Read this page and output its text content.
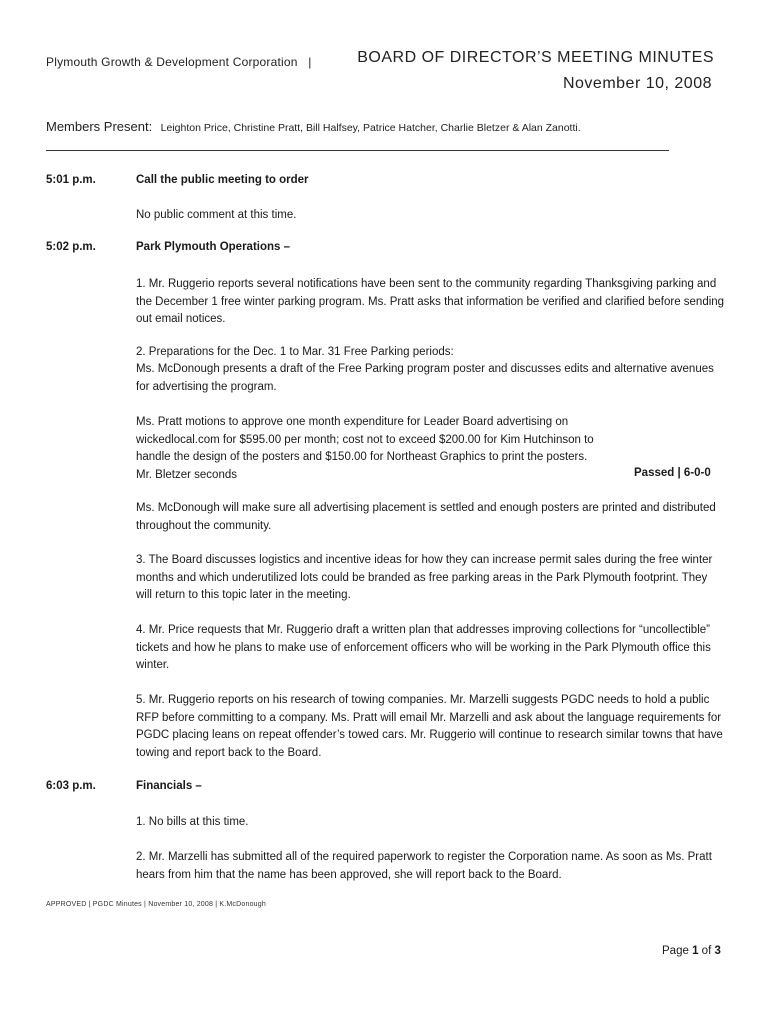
Plymouth Growth & Development Corporation |	BOARD OF DIRECTOR’S MEETING MINUTES
November 10, 2008
Members Present: Leighton Price, Christine Pratt, Bill Halfsey, Patrice Hatcher, Charlie Bletzer & Alan Zanotti.
5:01 p.m.	Call the public meeting to order
No public comment at this time.
5:02 p.m.	Park Plymouth Operations –
1. Mr. Ruggerio reports several notifications have been sent to the community regarding Thanksgiving parking and the December 1 free winter parking program. Ms. Pratt asks that information be verified and clarified before sending out email notices.
2. Preparations for the Dec. 1 to Mar. 31 Free Parking periods:
Ms. McDonough presents a draft of the Free Parking program poster and discusses edits and alternative avenues for advertising the program.
Ms. Pratt motions to approve one month expenditure for Leader Board advertising on wickedlocal.com for $595.00 per month; cost not to exceed $200.00 for Kim Hutchinson to handle the design of the posters and $150.00 for Northeast Graphics to print the posters. Mr. Bletzer seconds	Passed | 6-0-0
Ms. McDonough will make sure all advertising placement is settled and enough posters are printed and distributed throughout the community.
3. The Board discusses logistics and incentive ideas for how they can increase permit sales during the free winter months and which underutilized lots could be branded as free parking areas in the Park Plymouth footprint. They will return to this topic later in the meeting.
4. Mr. Price requests that Mr. Ruggerio draft a written plan that addresses improving collections for “uncollectible” tickets and how he plans to make use of enforcement officers who will be working in the Park Plymouth office this winter.
5. Mr. Ruggerio reports on his research of towing companies. Mr. Marzelli suggests PGDC needs to hold a public RFP before committing to a company. Ms. Pratt will email Mr. Marzelli and ask about the language requirements for PGDC placing leans on repeat offender’s towed cars. Mr. Ruggerio will continue to research similar towns that have towing and report back to the Board.
6:03 p.m.	Financials –
1. No bills at this time.
2. Mr. Marzelli has submitted all of the required paperwork to register the Corporation name. As soon as Ms. Pratt hears from him that the name has been approved, she will report back to the Board.
APPROVED | PGDC Minutes | November 10, 2008 | K.McDonough
Page 1 of 3
